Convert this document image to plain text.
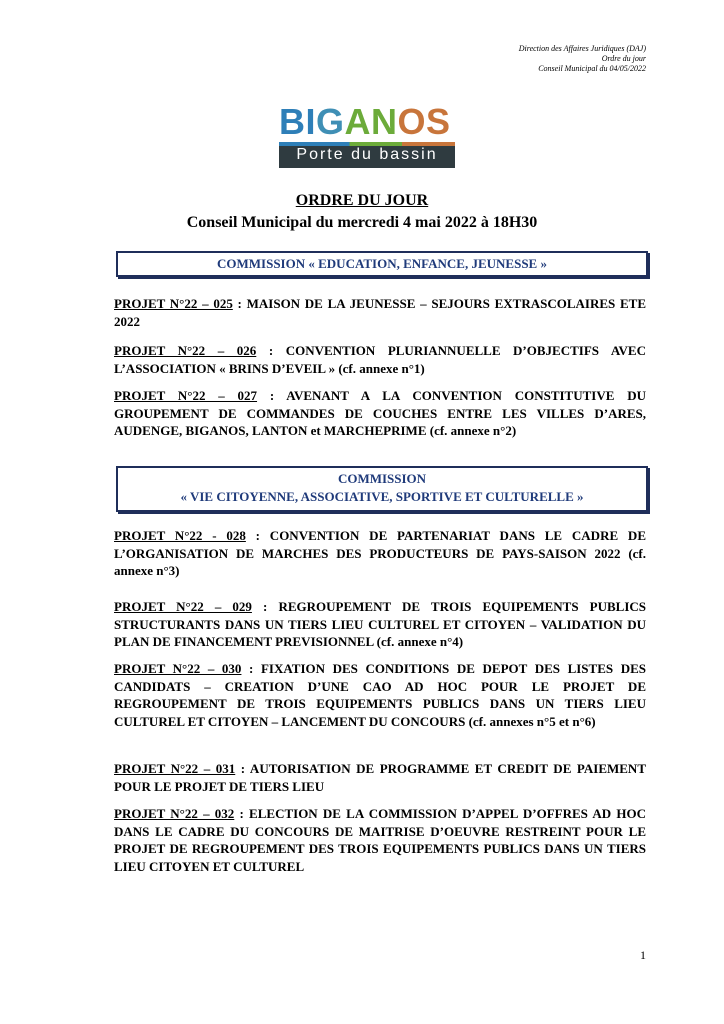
Direction des Affaires Juridiques (DAJ)
Ordre du jour
Conseil Municipal du 04/05/2022
BIGANOS
Porte du bassin
ORDRE DU JOUR
Conseil Municipal du mercredi 4 mai 2022 à 18H30
COMMISSION « EDUCATION, ENFANCE, JEUNESSE »
PROJET N°22 – 025 : MAISON DE LA JEUNESSE – SEJOURS EXTRASCOLAIRES ETE 2022
PROJET N°22 – 026 : CONVENTION PLURIANNUELLE D’OBJECTIFS AVEC L’ASSOCIATION « BRINS D’EVEIL » (cf. annexe n°1)
PROJET N°22 – 027 : AVENANT A LA CONVENTION CONSTITUTIVE DU GROUPEMENT DE COMMANDES DE COUCHES ENTRE LES VILLES D’ARES, AUDENGE, BIGANOS, LANTON et MARCHEPRIME (cf. annexe n°2)
COMMISSION
« VIE CITOYENNE, ASSOCIATIVE, SPORTIVE ET CULTURELLE »
PROJET N°22 - 028 : CONVENTION DE PARTENARIAT DANS LE CADRE DE L’ORGANISATION DE MARCHES DES PRODUCTEURS DE PAYS-SAISON 2022 (cf. annexe n°3)
PROJET N°22 – 029 : REGROUPEMENT DE TROIS EQUIPEMENTS PUBLICS STRUCTURANTS DANS UN TIERS LIEU CULTUREL ET CITOYEN – VALIDATION DU PLAN DE FINANCEMENT PREVISIONNEL (cf. annexe n°4)
PROJET N°22 – 030 : FIXATION DES CONDITIONS DE DEPOT DES LISTES DES CANDIDATS – CREATION D’UNE CAO AD HOC POUR LE PROJET DE REGROUPEMENT DE TROIS EQUIPEMENTS PUBLICS DANS UN TIERS LIEU CULTUREL ET CITOYEN – LANCEMENT DU CONCOURS (cf. annexes n°5 et n°6)
PROJET N°22 – 031 : AUTORISATION DE PROGRAMME ET CREDIT DE PAIEMENT POUR LE PROJET DE TIERS LIEU
PROJET N°22 – 032 : ELECTION DE LA COMMISSION D’APPEL D’OFFRES AD HOC DANS LE CADRE DU CONCOURS DE MAITRISE D’OEUVRE RESTREINT POUR LE PROJET DE REGROUPEMENT DES TROIS EQUIPEMENTS PUBLICS DANS UN TIERS LIEU CITOYEN ET CULTUREL
1
